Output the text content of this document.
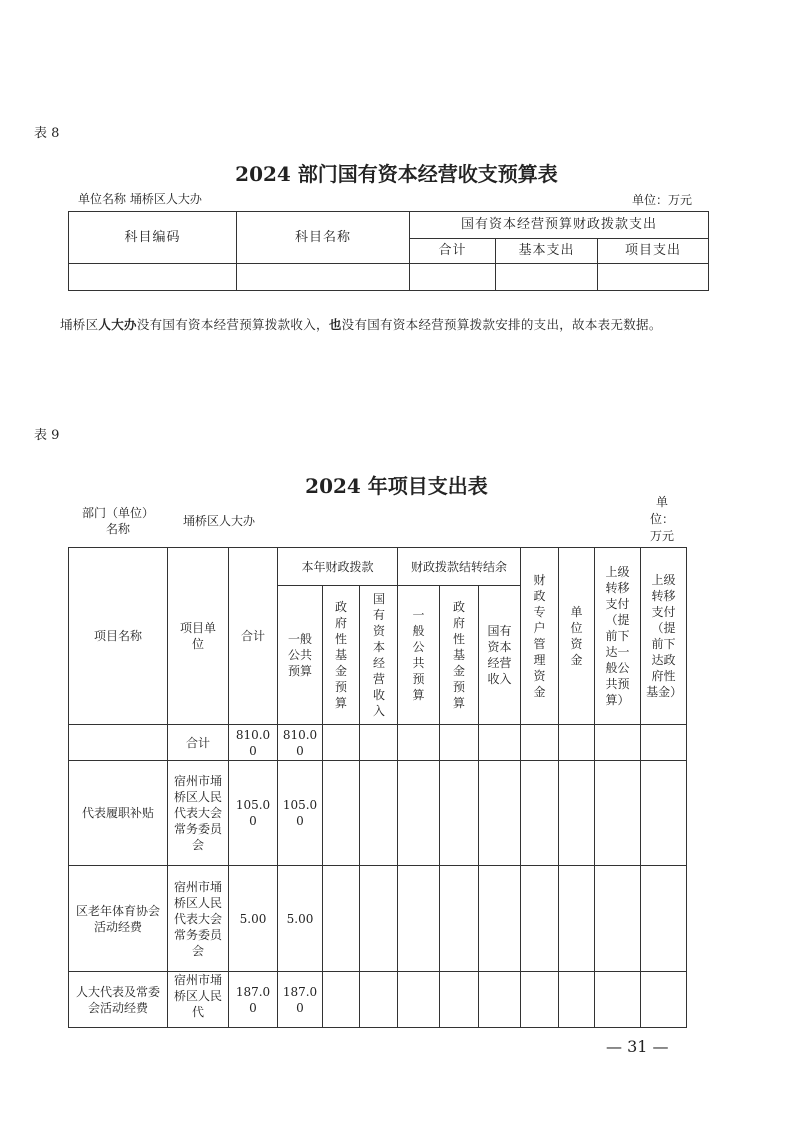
表 8
2024 部门国有资本经营收支预算表
单位名称 埇桥区人大办	单位：万元
科目编码	科目名称	国有资本经营预算财政拨款支出		
		合计	基本支出	项目支出

埇桥区人大办没有国有资本经营预算拨款收入，也没有国有资本经营预算拨款安排的支出，故本表无数据。
表 9
2024 年项目支出表
部门（单位）名称
埇桥区人大办
单位：万元
项目名称	项目单位	合计	本年财政拨款			财政拨款结转结余			财政专户管理资金	单位资金	上级转移支付（提前下达一般公共预算）	上级转移支付（提前下达政府性基金）
			一般公共预算	政府性基金预算	国有资本经营收入	一般公共预算	政府性基金预算	国有资本经营收入				
	合计	810.00	810.00									
代表履职补贴	宿州市埇桥区人民代表大会常务委员会	105.00	105.00									
区老年体育协会活动经费	宿州市埇桥区人民代表大会常务委员会	5.00	5.00									
人大代表及常委会活动经费	宿州市埇桥区人民代	187.00	187.00									
— 31 —
